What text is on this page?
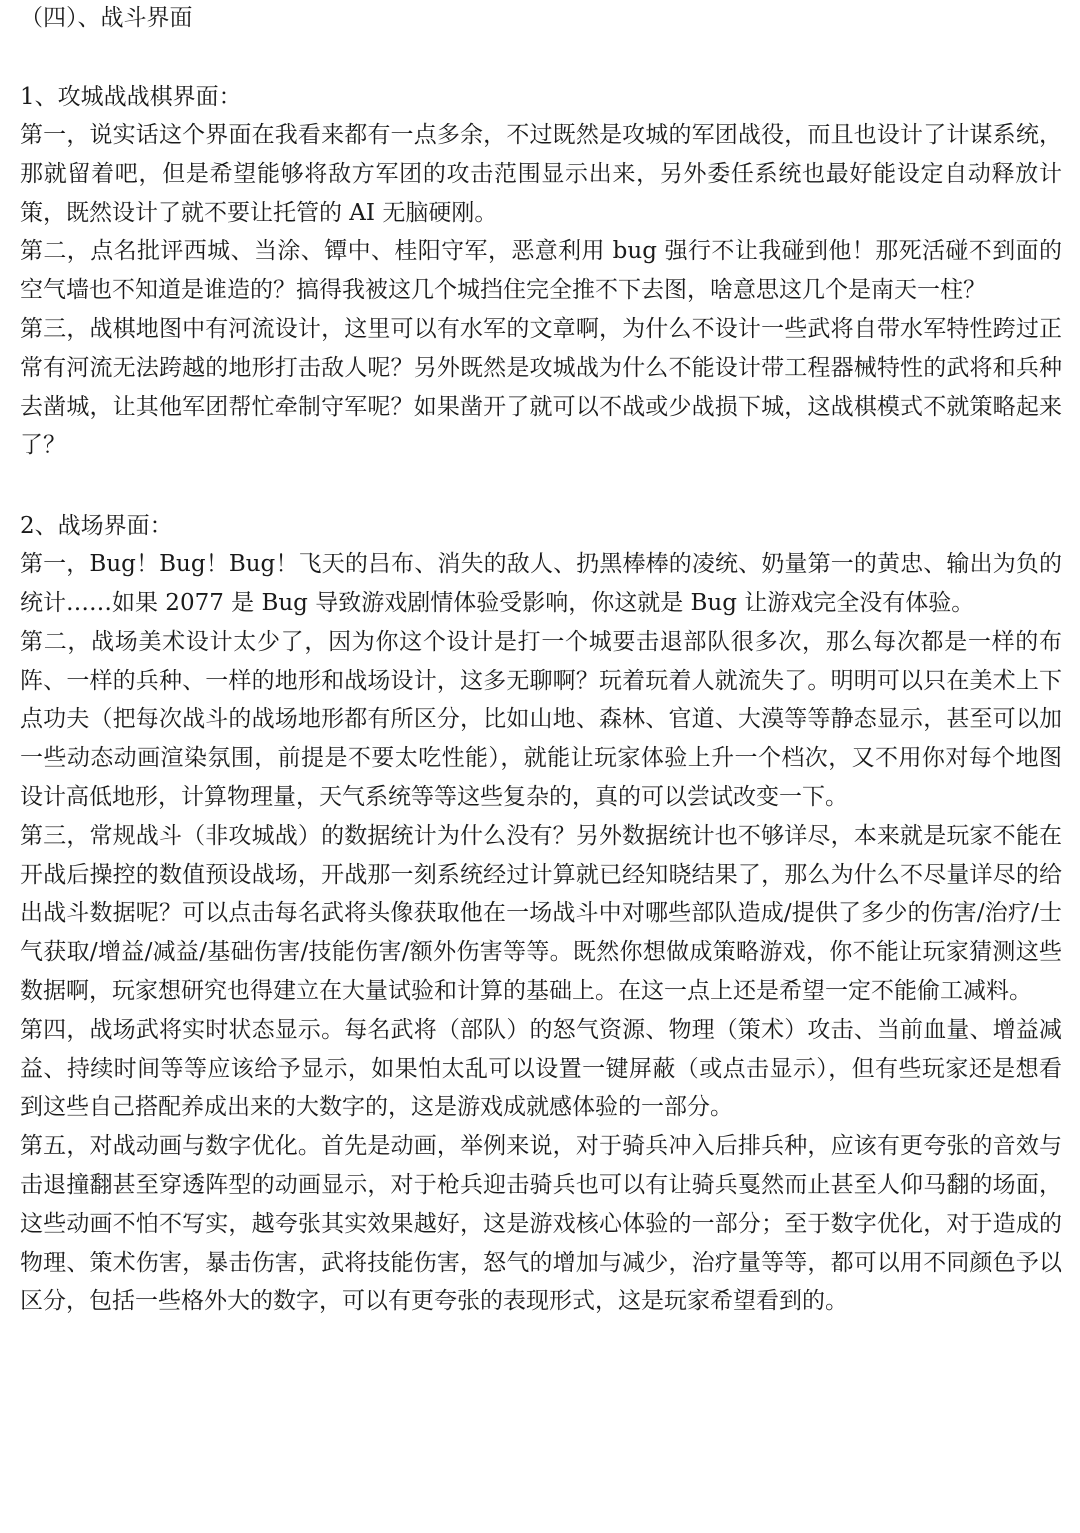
（四）、战斗界面

1、攻城战战棋界面：

第一，说实话这个界面在我看来都有一点多余，不过既然是攻城的军团战役，而且也设计了计谋系统，那就留着吧，但是希望能够将敌方军团的攻击范围显示出来，另外委任系统也最好能设定自动释放计策，既然设计了就不要让托管的 AI 无脑硬刚。

第二，点名批评西城、当涂、镡中、桂阳守军，恶意利用 bug 强行不让我碰到他！那死活碰不到面的空气墙也不知道是谁造的？搞得我被这几个城挡住完全推不下去图，啥意思这几个是南天一柱？

第三，战棋地图中有河流设计，这里可以有水军的文章啊，为什么不设计一些武将自带水军特性跨过正常有河流无法跨越的地形打击敌人呢？另外既然是攻城战为什么不能设计带工程器械特性的武将和兵种去凿城，让其他军团帮忙牵制守军呢？如果凿开了就可以不战或少战损下城，这战棋模式不就策略起来了？

2、战场界面：

第一，Bug！Bug！Bug！飞天的吕布、消失的敌人、扔黑棒棒的凌统、奶量第一的黄忠、输出为负的统计……如果 2077 是 Bug 导致游戏剧情体验受影响，你这就是 Bug 让游戏完全没有体验。

第二，战场美术设计太少了，因为你这个设计是打一个城要击退部队很多次，那么每次都是一样的布阵、一样的兵种、一样的地形和战场设计，这多无聊啊？玩着玩着人就流失了。明明可以只在美术上下点功夫（把每次战斗的战场地形都有所区分，比如山地、森林、官道、大漠等等静态显示，甚至可以加一些动态动画渲染氛围，前提是不要太吃性能），就能让玩家体验上升一个档次，又不用你对每个地图设计高低地形，计算物理量，天气系统等等这些复杂的，真的可以尝试改变一下。

第三，常规战斗（非攻城战）的数据统计为什么没有？另外数据统计也不够详尽，本来就是玩家不能在开战后操控的数值预设战场，开战那一刻系统经过计算就已经知晓结果了，那么为什么不尽量详尽的给出战斗数据呢？可以点击每名武将头像获取他在一场战斗中对哪些部队造成/提供了多少的伤害/治疗/士气获取/增益/减益/基础伤害/技能伤害/额外伤害等等。既然你想做成策略游戏，你不能让玩家猜测这些数据啊，玩家想研究也得建立在大量试验和计算的基础上。在这一点上还是希望一定不能偷工减料。

第四，战场武将实时状态显示。每名武将（部队）的怒气资源、物理（策术）攻击、当前血量、增益减益、持续时间等等应该给予显示，如果怕太乱可以设置一键屏蔽（或点击显示），但有些玩家还是想看到这些自己搭配养成出来的大数字的，这是游戏成就感体验的一部分。

第五，对战动画与数字优化。首先是动画，举例来说，对于骑兵冲入后排兵种，应该有更夸张的音效与击退撞翻甚至穿透阵型的动画显示，对于枪兵迎击骑兵也可以有让骑兵戛然而止甚至人仰马翻的场面，这些动画不怕不写实，越夸张其实效果越好，这是游戏核心体验的一部分；至于数字优化，对于造成的物理、策术伤害，暴击伤害，武将技能伤害，怒气的增加与减少，治疗量等等，都可以用不同颜色予以区分，包括一些格外大的数字，可以有更夸张的表现形式，这是玩家希望看到的。
